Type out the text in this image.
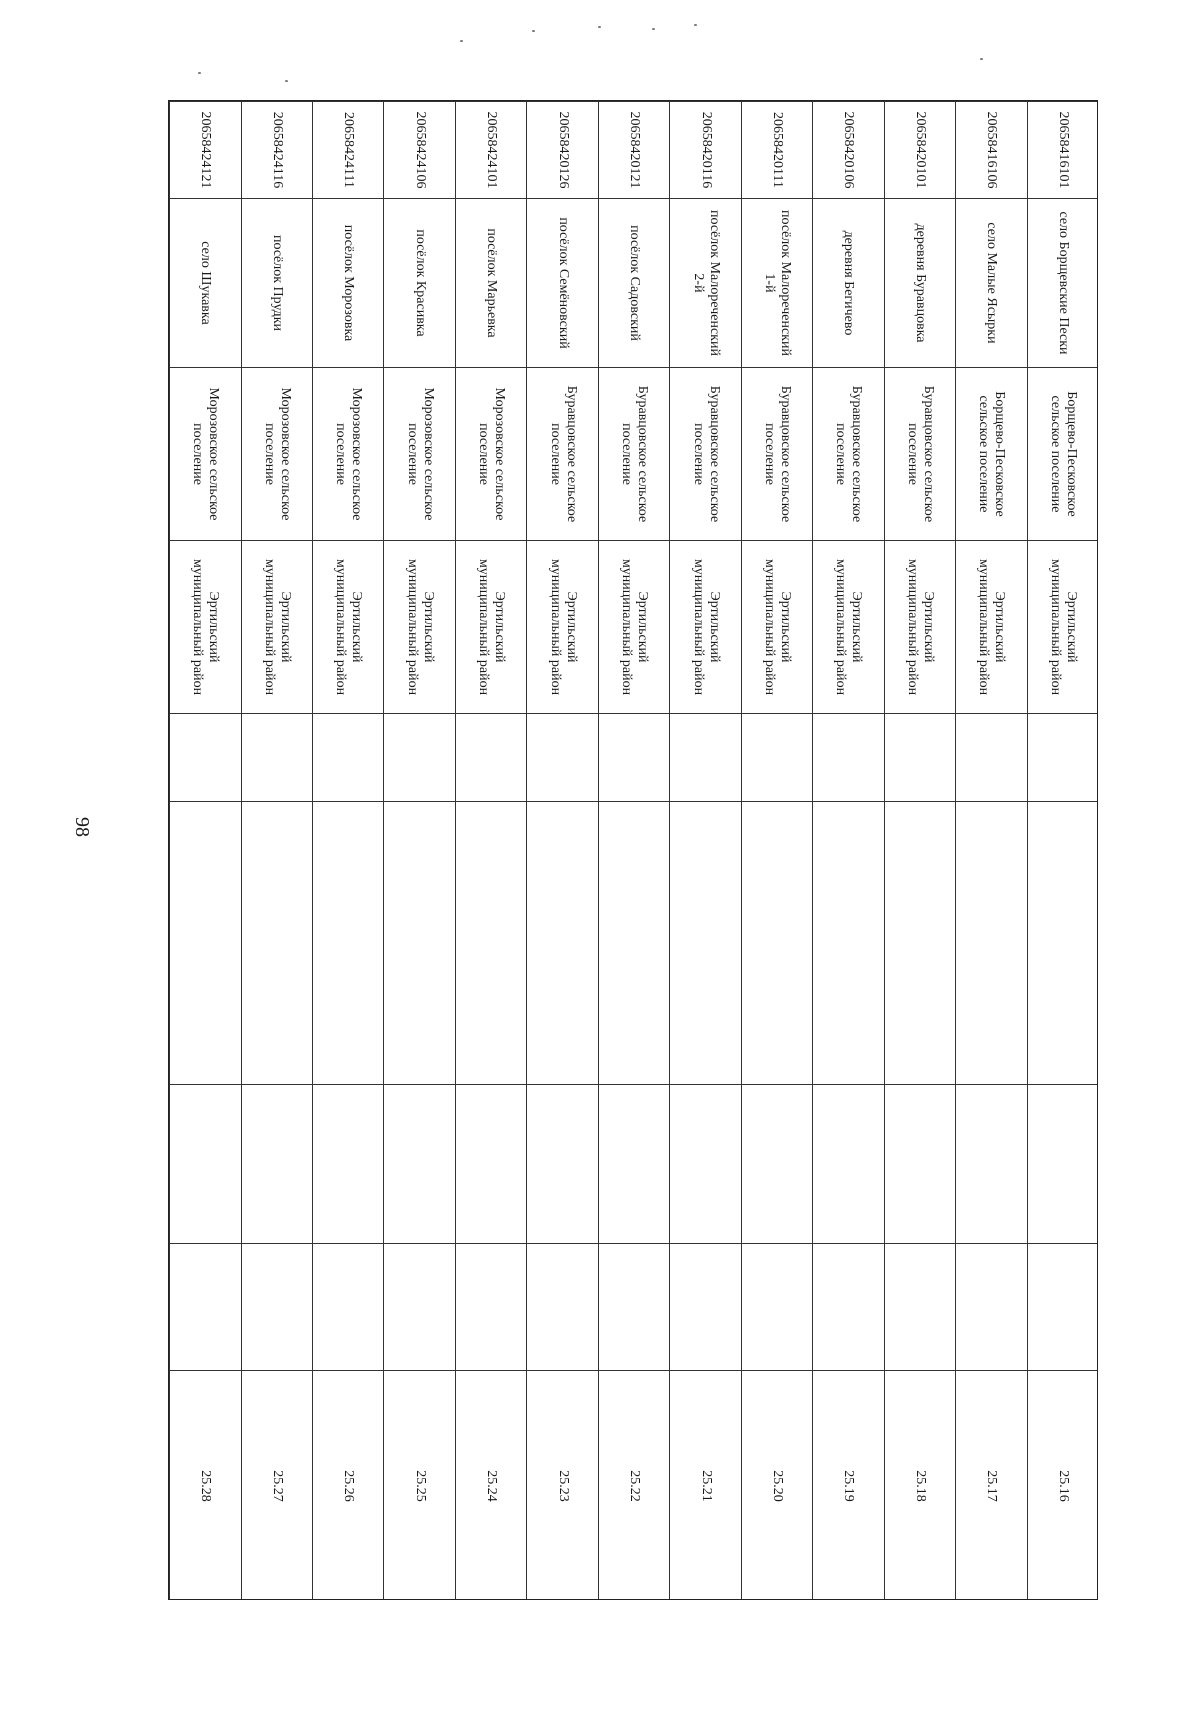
98
20658416101	село Борщевские Пески	Борщево-Песковское сельское поселение	Эртильский муниципальный район					25.16
20658416106	село Малые Ясырки	Борщево-Песковское сельское поселение	Эртильский муниципальный район					25.17
20658420101	деревня Буравцовка	Буравцовское сельское поселение	Эртильский муниципальный район					25.18
20658420106	деревня Бегичево	Буравцовское сельское поселение	Эртильский муниципальный район					25.19
20658420111	посёлок Малореченский 1-й	Буравцовское сельское поселение	Эртильский муниципальный район					25.20
20658420116	посёлок Малореченский 2-й	Буравцовское сельское поселение	Эртильский муниципальный район					25.21
20658420121	посёлок Садовский	Буравцовское сельское поселение	Эртильский муниципальный район					25.22
20658420126	посёлок Семёновский	Буравцовское сельское поселение	Эртильский муниципальный район					25.23
20658424101	посёлок Марьевка	Морозовское сельское поселение	Эртильский муниципальный район					25.24
20658424106	посёлок Красивка	Морозовское сельское поселение	Эртильский муниципальный район					25.25
20658424111	посёлок Морозовка	Морозовское сельское поселение	Эртильский муниципальный район					25.26
20658424116	посёлок Прудки	Морозовское сельское поселение	Эртильский муниципальный район					25.27
20658424121	село Шукавка	Морозовское сельское поселение	Эртильский муниципальный район					25.28
